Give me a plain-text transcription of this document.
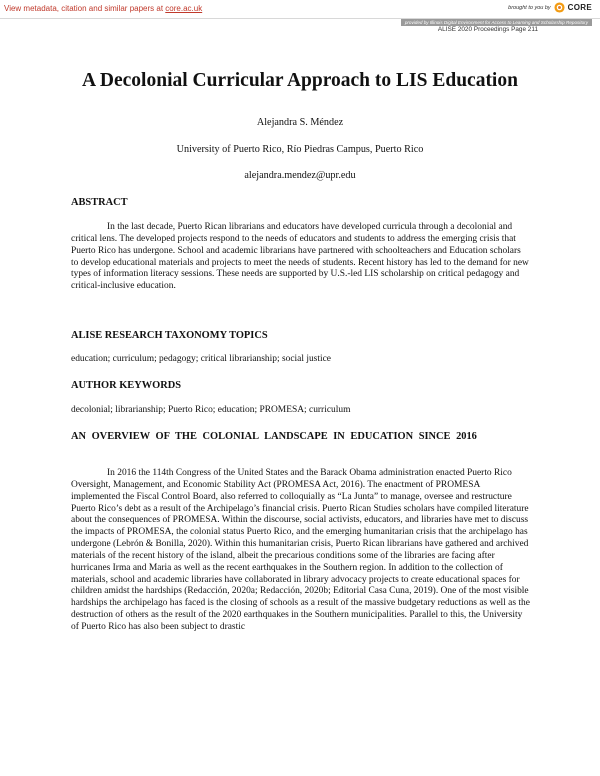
View metadata, citation and similar papers at core.ac.uk	brought to you by CORE
provided by Illinois Digital Environment for Access to Learning and Scholarship Repository
ALISE 2020 Proceedings Page 211
A Decolonial Curricular Approach to LIS Education
Alejandra S. Méndez
University of Puerto Rico, Río Piedras Campus, Puerto Rico
alejandra.mendez@upr.edu
ABSTRACT

In the last decade, Puerto Rican librarians and educators have developed curricula through a decolonial and critical lens. The developed projects respond to the needs of educators and students to address the emerging crisis that Puerto Rico has undergone. School and academic librarians have partnered with schoolteachers and Education scholars to develop educational materials and projects to meet the needs of students. Recent history has led to the demand for new types of information literacy sessions. These needs are supported by U.S.-led LIS scholarship on critical pedagogy and critical-inclusive education.

ALISE RESEARCH TAXONOMY TOPICS

education; curriculum; pedagogy; critical librarianship; social justice

AUTHOR KEYWORDS

decolonial; librarianship; Puerto Rico; education; PROMESA; curriculum

AN OVERVIEW OF THE COLONIAL LANDSCAPE IN EDUCATION SINCE 2016

In 2016 the 114th Congress of the United States and the Barack Obama administration enacted Puerto Rico Oversight, Management, and Economic Stability Act (PROMESA Act, 2016). The enactment of PROMESA implemented the Fiscal Control Board, also referred to colloquially as “La Junta” to manage, oversee and restructure Puerto Rico’s debt as a result of the Archipelago’s financial crisis. Puerto Rican Studies scholars have compiled literature about the consequences of PROMESA. Within the discourse, social activists, educators, and libraries have met to discuss the impacts of PROMESA, the colonial status Puerto Rico, and the emerging humanitarian crisis that the archipelago has undergone (Lebrón & Bonilla, 2020). Within this humanitarian crisis, Puerto Rican librarians have gathered and archived materials of the recent history of the island, albeit the precarious conditions some of the libraries are facing after hurricanes Irma and Maria as well as the recent earthquakes in the Southern region. In addition to the collection of materials, school and academic libraries have collaborated in library advocacy projects to create educational spaces for children amidst the hardships (Redacción, 2020a; Redacción, 2020b; Editorial Casa Cuna, 2019). One of the most visible hardships the archipelago has faced is the closing of schools as a result of the massive budgetary reductions as well as the destruction of others as the result of the 2020 earthquakes in the Southern municipalities. Parallel to this, the University of Puerto Rico has also been subject to drastic
